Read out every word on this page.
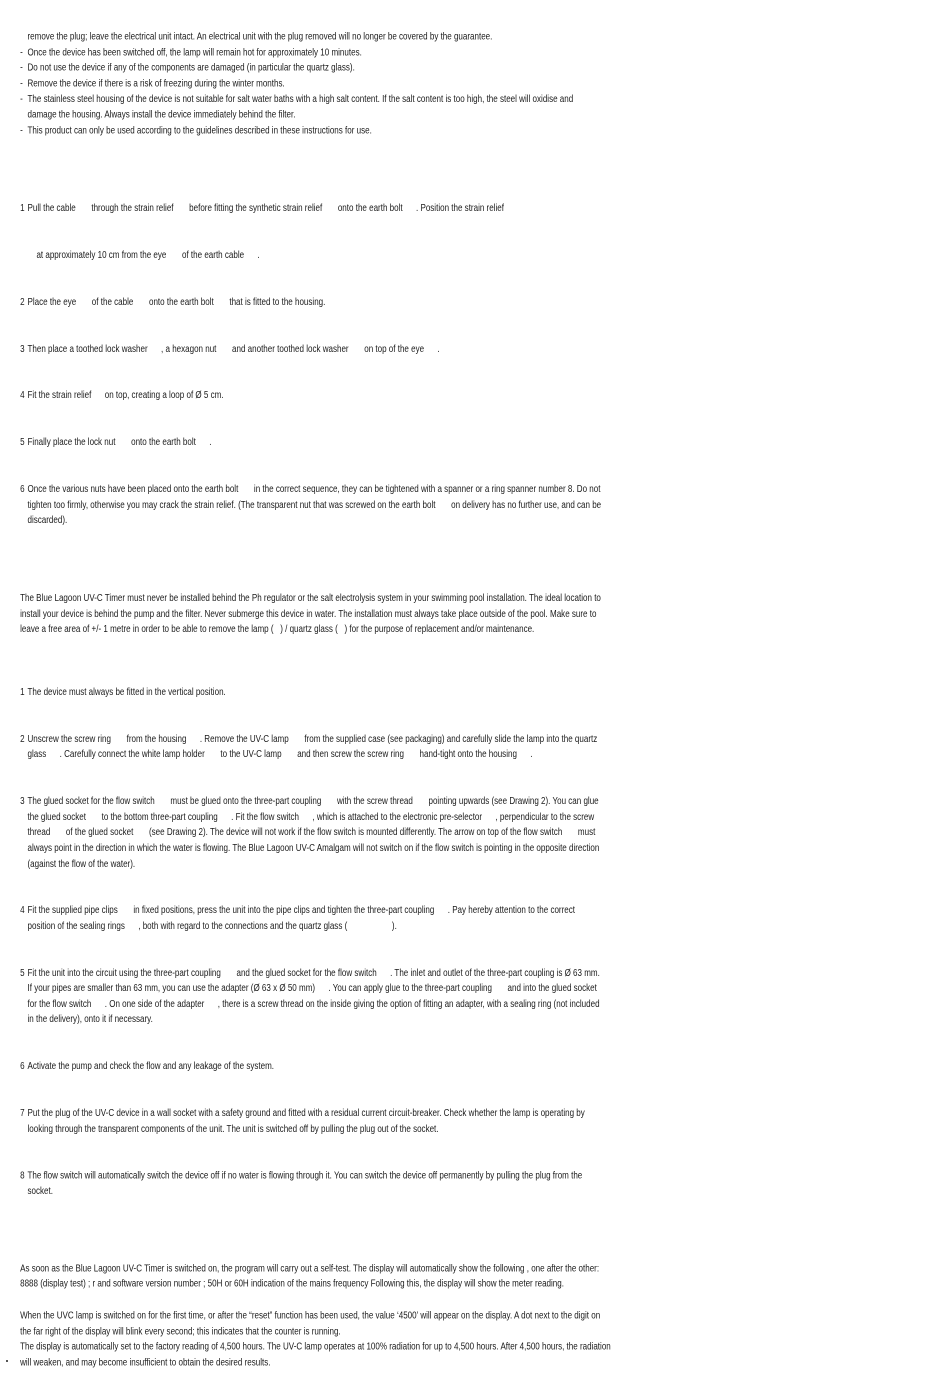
remove the plug; leave the electrical unit intact. An electrical unit with the plug removed will no longer be covered by the guarantee.
- Once the device has been switched off, the lamp will remain hot for approximately 10 minutes.
- Do not use the device if any of the components are damaged (in particular the quartz glass).
- Remove the device if there is a risk of freezing during the winter months.
- The stainless steel housing of the device is not suitable for salt water baths with a high salt content. If the salt content is too high, the steel will oxidise and damage the housing. Always install the device immediately behind the filter.
- This product can only be used according to the guidelines described in these instructions for use.

1 Pull the cable       through the strain relief       before fitting the synthetic strain relief       onto the earth bolt      . Position the strain relief

at approximately 10 cm from the eye       of the earth cable      .

2 Place the eye       of the cable       onto the earth bolt       that is fitted to the housing.

3 Then place a toothed lock washer      , a hexagon nut       and another toothed lock washer       on top of the eye      .

4 Fit the strain relief      on top, creating a loop of Ø 5 cm.

5 Finally place the lock nut       onto the earth bolt      .

6 Once the various nuts have been placed onto the earth bolt       in the correct sequence, they can be tightened with a spanner or a ring spanner number 8. Do not tighten too firmly, otherwise you may crack the strain relief. (The transparent nut that was screwed on the earth bolt       on delivery has no further use, and can be discarded).

The Blue Lagoon UV-C Timer must never be installed behind the Ph regulator or the salt electrolysis system in your swimming pool installation. The ideal location to install your device is behind the pump and the filter. Never submerge this device in water. The installation must always take place outside of the pool. Make sure to leave a free area of +/- 1 metre in order to be able to remove the lamp (   ) / quartz glass (   ) for the purpose of replacement and/or maintenance.

1 The device must always be fitted in the vertical position.

2 Unscrew the screw ring       from the housing      . Remove the UV-C lamp       from the supplied case (see packaging) and carefully slide the lamp into the quartz glass      . Carefully connect the white lamp holder       to the UV-C lamp       and then screw the screw ring       hand-tight onto the housing      .

3 The glued socket for the flow switch       must be glued onto the three-part coupling       with the screw thread       pointing upwards (see Drawing 2). You can glue the glued socket       to the bottom three-part coupling      . Fit the flow switch      , which is attached to the electronic pre-selector      , perpendicular to the screw thread       of the glued socket       (see Drawing 2). The device will not work if the flow switch is mounted differently. The arrow on top of the flow switch       must always point in the direction in which the water is flowing. The Blue Lagoon UV-C Amalgam will not switch on if the flow switch is pointing in the opposite direction (against the flow of the water).

4 Fit the supplied pipe clips       in fixed positions, press the unit into the pipe clips and tighten the three-part coupling      . Pay hereby attention to the correct position of the sealing rings      , both with regard to the connections and the quartz glass (                    ).

5 Fit the unit into the circuit using the three-part coupling       and the glued socket for the flow switch      . The inlet and outlet of the three-part coupling is Ø 63 mm. If your pipes are smaller than 63 mm, you can use the adapter (Ø 63 x Ø 50 mm)      . You can apply glue to the three-part coupling       and into the glued socket for the flow switch      . On one side of the adapter      , there is a screw thread on the inside giving the option of fitting an adapter, with a sealing ring (not included in the delivery), onto it if necessary.

6 Activate the pump and check the flow and any leakage of the system.

7 Put the plug of the UV-C device in a wall socket with a safety ground and fitted with a residual current circuit-breaker. Check whether the lamp is operating by looking through the transparent components of the unit. The unit is switched off by pulling the plug out of the socket.

8 The flow switch will automatically switch the device off if no water is flowing through it. You can switch the device off permanently by pulling the plug from the socket.

As soon as the Blue Lagoon UV-C Timer is switched on, the program will carry out a self-test. The display will automatically show the following , one after the other: 8888 (display test) ; r and software version number ; 50H or 60H indication of the mains frequency Following this, the display will show the meter reading.
When the UVC lamp is switched on for the first time, or after the “reset” function has been used, the value ‘4500’ will appear on the display. A dot next to the digit on the far right of the display will blink every second; this indicates that the counter is running.
The display is automatically set to the factory reading of 4,500 hours. The UV-C lamp operates at 100% radiation for up to 4,500 hours. After 4,500 hours, the radiation will weaken, and may become insufficient to obtain the desired results.
